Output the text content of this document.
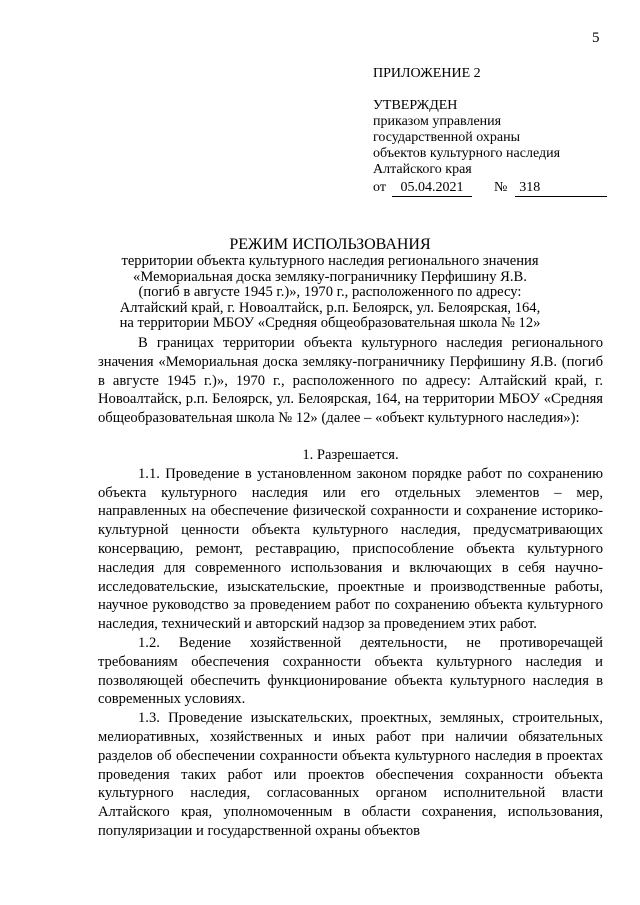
5
ПРИЛОЖЕНИЕ 2
УТВЕРЖДЕН
приказом управления
государственной охраны
объектов культурного наследия
Алтайского края
от 05.04.2021 № 318
РЕЖИМ ИСПОЛЬЗОВАНИЯ
территории объекта культурного наследия регионального значения
«Мемориальная доска земляку-пограничнику Перфишину Я.В.
(погиб в августе 1945 г.)», 1970 г., расположенного по адресу:
Алтайский край, г. Новоалтайск, р.п. Белоярск, ул. Белоярская, 164,
на территории МБОУ «Средняя общеобразовательная школа № 12»

В границах территории объекта культурного наследия регионального значения «Мемориальная доска земляку-пограничнику Перфишину Я.В. (погиб в августе 1945 г.)», 1970 г., расположенного по адресу: Алтайский край, г. Новоалтайск, р.п. Белоярск, ул. Белоярская, 164, на территории МБОУ «Средняя общеобразовательная школа № 12» (далее – «объект культурного наследия»):

1. Разрешается.

1.1. Проведение в установленном законом порядке работ по сохранению объекта культурного наследия или его отдельных элементов – мер, направленных на обеспечение физической сохранности и сохранение историко-культурной ценности объекта культурного наследия, предусматривающих консервацию, ремонт, реставрацию, приспособление объекта культурного наследия для современного использования и включающих в себя научно-исследовательские, изыскательские, проектные и производственные работы, научное руководство за проведением работ по сохранению объекта культурного наследия, технический и авторский надзор за проведением этих работ.

1.2. Ведение хозяйственной деятельности, не противоречащей требованиям обеспечения сохранности объекта культурного наследия и позволяющей обеспечить функционирование объекта культурного наследия в современных условиях.

1.3. Проведение изыскательских, проектных, земляных, строительных, мелиоративных, хозяйственных и иных работ при наличии обязательных разделов об обеспечении сохранности объекта культурного наследия в проектах проведения таких работ или проектов обеспечения сохранности объекта культурного наследия, согласованных органом исполнительной власти Алтайского края, уполномоченным в области сохранения, использования, популяризации и государственной охраны объектов
